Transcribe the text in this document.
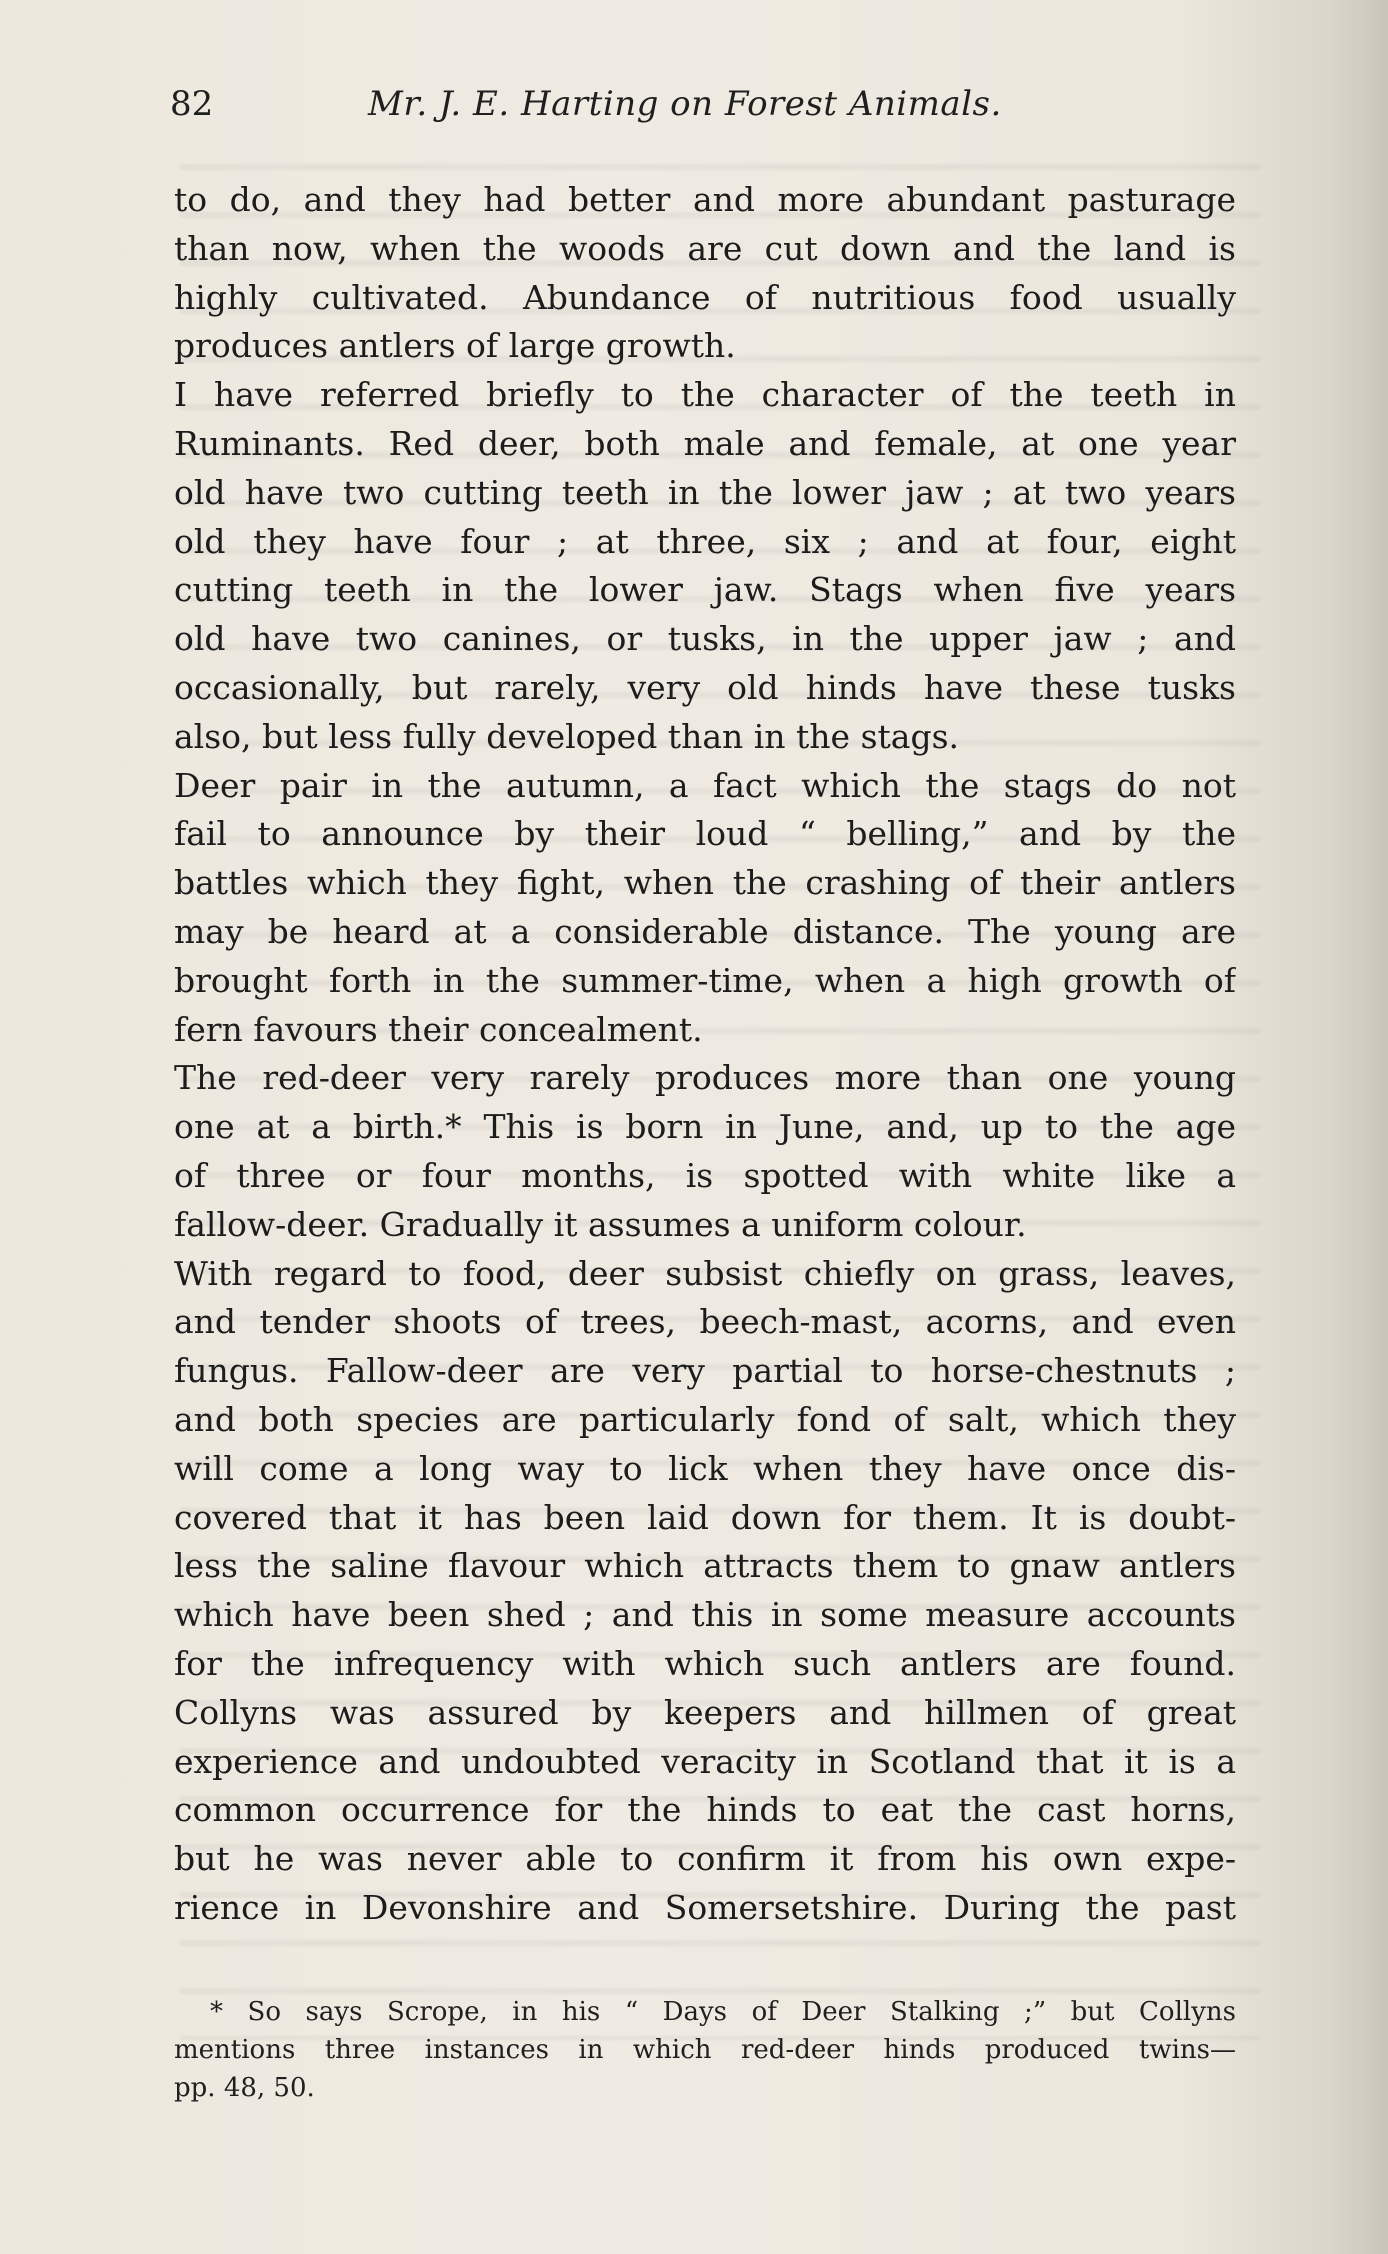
82	Mr. J. E. Harting on Forest Animals.
to do, and they had better and more abundant pasturage
than now, when the woods are cut down and the land is
highly cultivated. Abundance of nutritious food usually
produces antlers of large growth.
I have referred briefly to the character of the teeth in
Ruminants. Red deer, both male and female, at one year
old have two cutting teeth in the lower jaw ; at two years
old they have four ; at three, six ; and at four, eight
cutting teeth in the lower jaw. Stags when five years
old have two canines, or tusks, in the upper jaw ; and
occasionally, but rarely, very old hinds have these tusks
also, but less fully developed than in the stags.
Deer pair in the autumn, a fact which the stags do not
fail to announce by their loud “ belling,” and by the
battles which they fight, when the crashing of their antlers
may be heard at a considerable distance. The young are
brought forth in the summer-time, when a high growth of
fern favours their concealment.
The red-deer very rarely produces more than one young
one at a birth.* This is born in June, and, up to the age
of three or four months, is spotted with white like a
fallow-deer. Gradually it assumes a uniform colour.
With regard to food, deer subsist chiefly on grass, leaves,
and tender shoots of trees, beech-mast, acorns, and even
fungus. Fallow-deer are very partial to horse-chestnuts ;
and both species are particularly fond of salt, which they
will come a long way to lick when they have once dis-
covered that it has been laid down for them. It is doubt-
less the saline flavour which attracts them to gnaw antlers
which have been shed ; and this in some measure accounts
for the infrequency with which such antlers are found.
Collyns was assured by keepers and hillmen of great
experience and undoubted veracity in Scotland that it is a
common occurrence for the hinds to eat the cast horns,
but he was never able to confirm it from his own expe-
rience in Devonshire and Somersetshire. During the past
* So says Scrope, in his “ Days of Deer Stalking ;” but Collyns
mentions three instances in which red-deer hinds produced twins—
pp. 48, 50.
